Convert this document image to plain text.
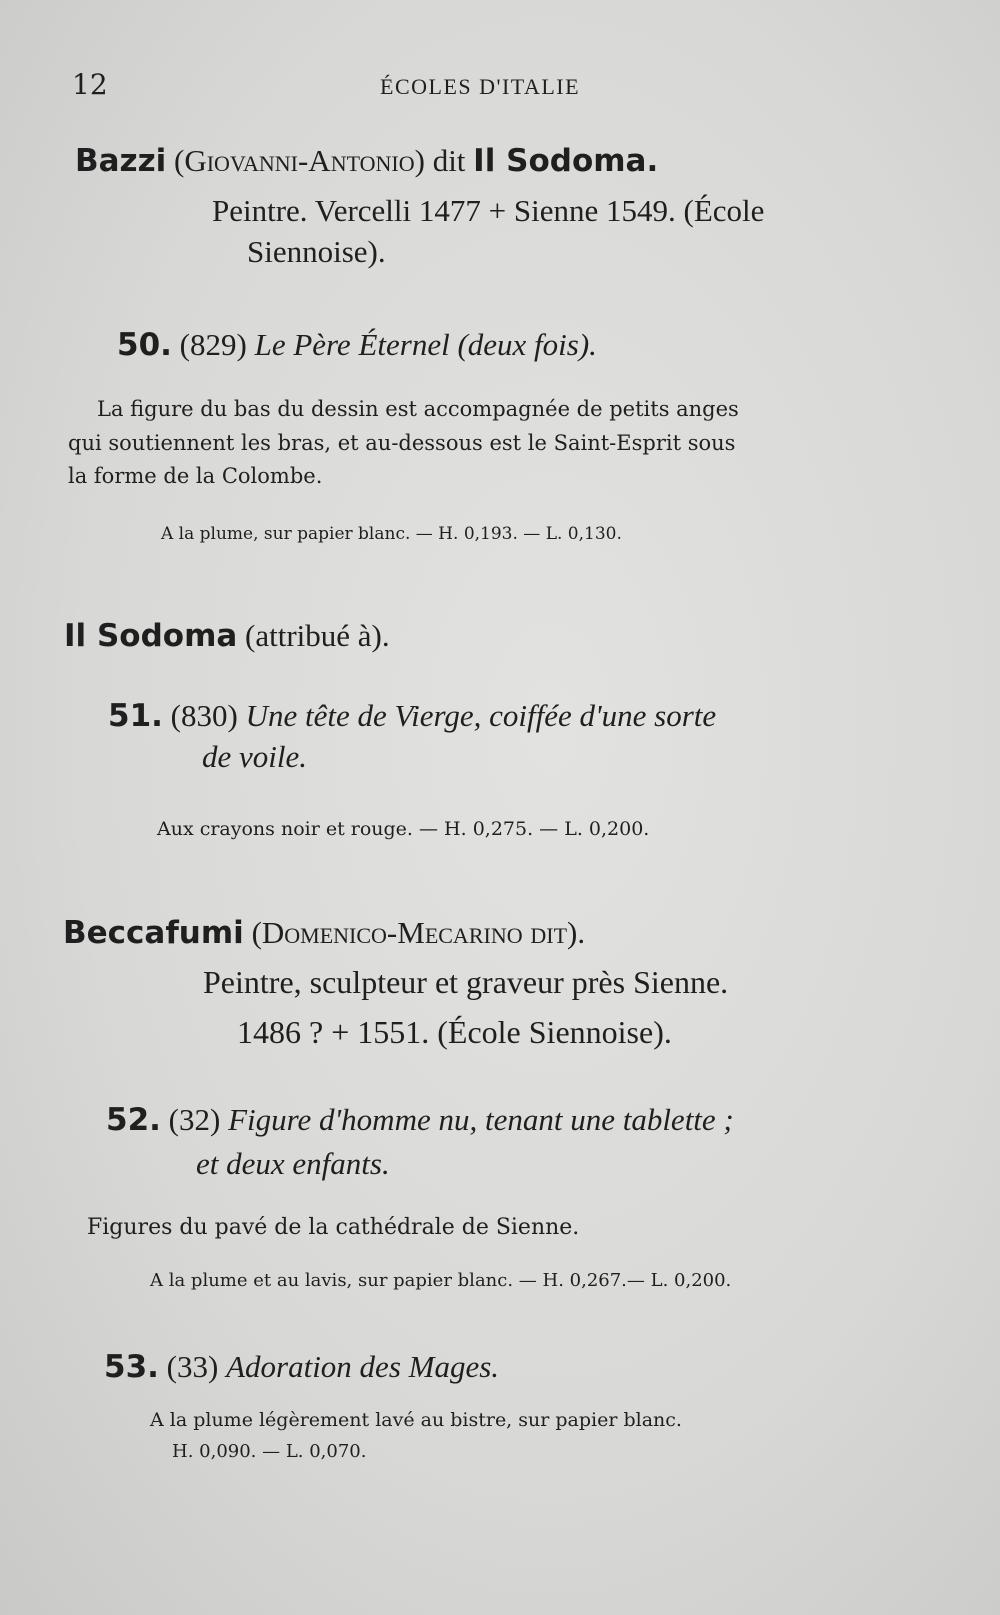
12	ÉCOLES D'ITALIE
Bazzi (Giovanni-Antonio) dit Il Sodoma.
Peintre. Vercelli 1477 + Sienne 1549. (École
Siennoise).
50. (829) Le Père Éternel (deux fois).
La figure du bas du dessin est accompagnée de petits anges
qui soutiennent les bras, et au-dessous est le Saint-Esprit sous
la forme de la Colombe.
A la plume, sur papier blanc. — H. 0,193. — L. 0,130.
Il Sodoma (attribué à).
51. (830) Une tête de Vierge, coiffée d'une sorte
de voile.
Aux crayons noir et rouge. — H. 0,275. — L. 0,200.
Beccafumi (Domenico-Mecarino dit).
Peintre, sculpteur et graveur près Sienne.
1486 ? + 1551. (École Siennoise).
52. (32) Figure d'homme nu, tenant une tablette ;
et deux enfants.
Figures du pavé de la cathédrale de Sienne.
A la plume et au lavis, sur papier blanc. — H. 0,267.— L. 0,200.
53. (33) Adoration des Mages.
A la plume légèrement lavé au bistre, sur papier blanc.
H. 0,090. — L. 0,070.
